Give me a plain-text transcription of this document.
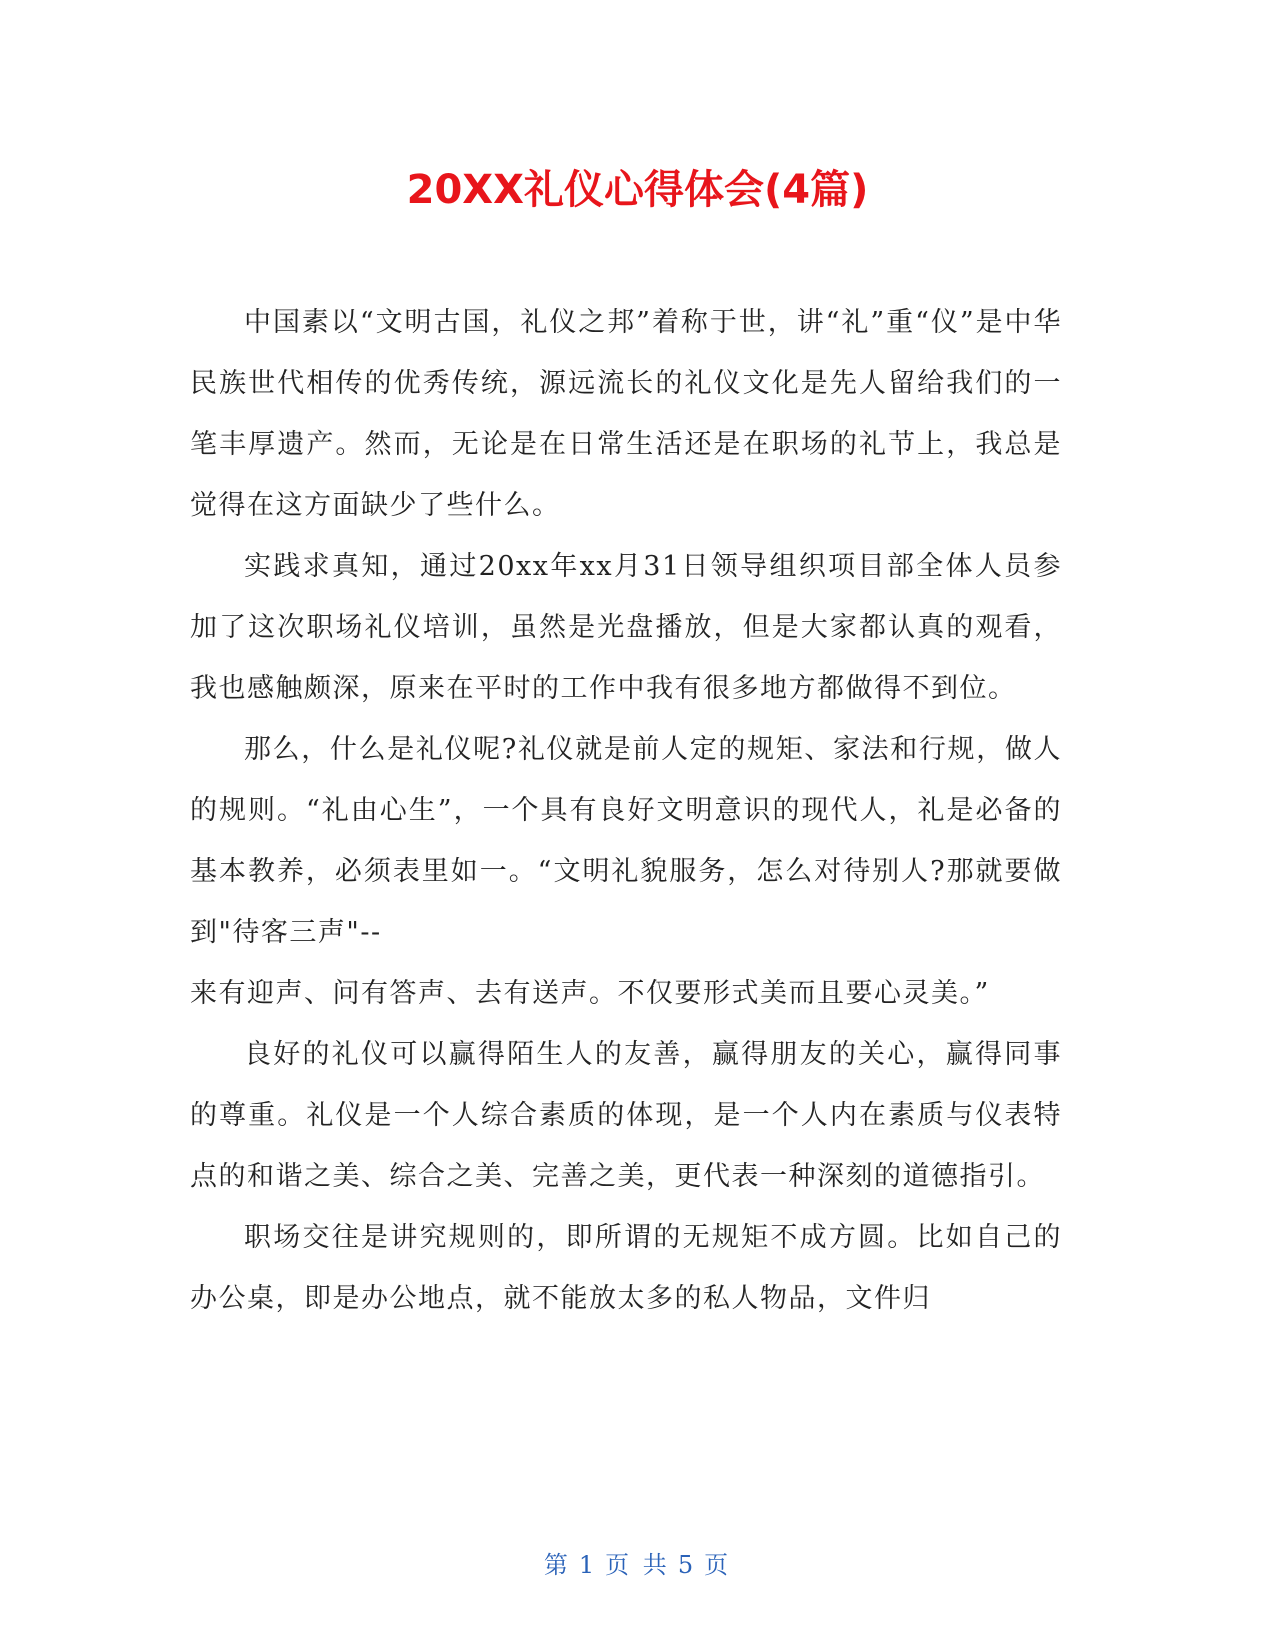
20XX礼仪心得体会(4篇)

中国素以“文明古国，礼仪之邦”着称于世，讲“礼”重“仪”是中华民族世代相传的优秀传统，源远流长的礼仪文化是先人留给我们的一笔丰厚遗产。然而，无论是在日常生活还是在职场的礼节上，我总是觉得在这方面缺少了些什么。

实践求真知，通过20xx年xx月31日领导组织项目部全体人员参加了这次职场礼仪培训，虽然是光盘播放，但是大家都认真的观看，我也感触颇深，原来在平时的工作中我有很多地方都做得不到位。

那么，什么是礼仪呢?礼仪就是前人定的规矩、家法和行规，做人的规则。“礼由心生”，一个具有良好文明意识的现代人，礼是必备的基本教养，必须表里如一。“文明礼貌服务，怎么对待别人?那就要做到"待客三声"--

来有迎声、问有答声、去有送声。不仅要形式美而且要心灵美。”

良好的礼仪可以赢得陌生人的友善，赢得朋友的关心，赢得同事的尊重。礼仪是一个人综合素质的体现，是一个人内在素质与仪表特点的和谐之美、综合之美、完善之美，更代表一种深刻的道德指引。

职场交往是讲究规则的，即所谓的无规矩不成方圆。比如自己的办公桌，即是办公地点，就不能放太多的私人物品，文件归

第 1 页 共 5 页
